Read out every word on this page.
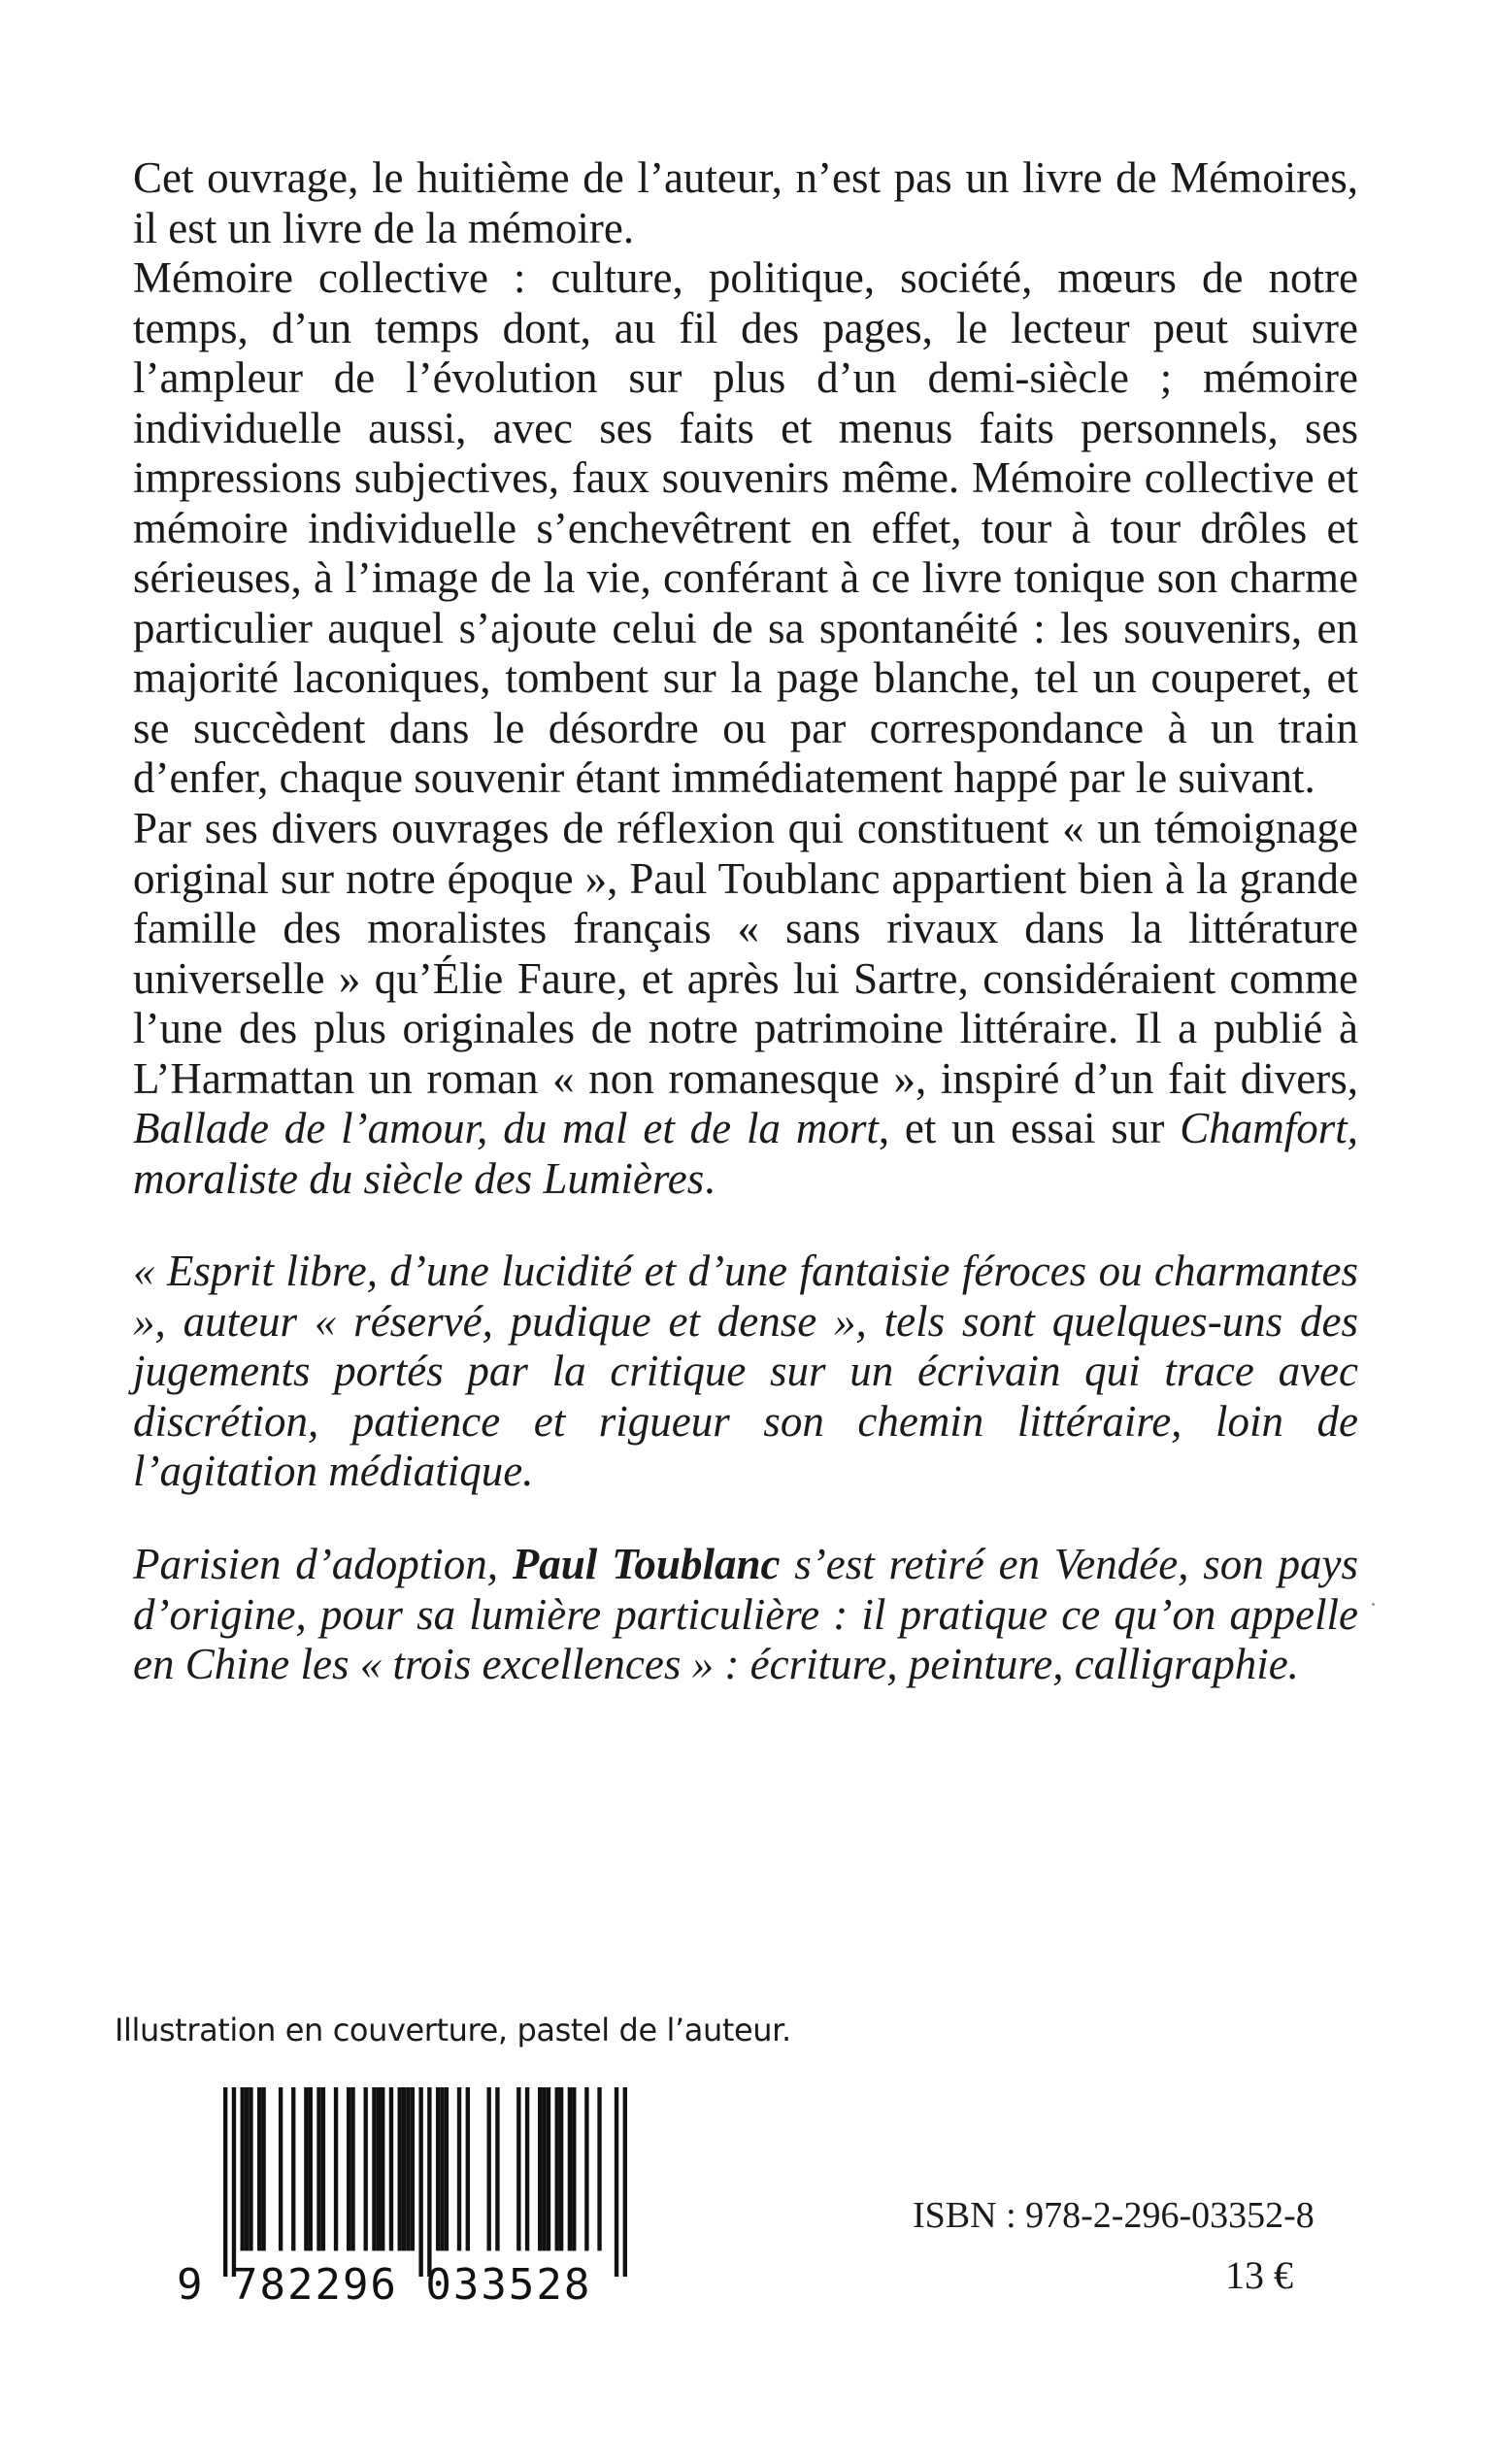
Cet ouvrage, le huitième de l’auteur, n’est pas un livre de Mémoires, il est un livre de la mémoire.
Mémoire collective : culture, politique, société, mœurs de notre temps, d’un temps dont, au fil des pages, le lecteur peut suivre l’ampleur de l’évolution sur plus d’un demi-siècle ; mémoire individuelle aussi, avec ses faits et menus faits personnels, ses impressions subjectives, faux souvenirs même. Mémoire collective et mémoire individuelle s’enchevêtrent en effet, tour à tour drôles et sérieuses, à l’image de la vie, conférant à ce livre tonique son charme particulier auquel s’ajoute celui de sa spontanéité : les souvenirs, en majorité laconiques, tombent sur la page blanche, tel un couperet, et se succèdent dans le désordre ou par correspondance à un train d’enfer, chaque souvenir étant immédiatement happé par le suivant.

Par ses divers ouvrages de réflexion qui constituent « un témoignage original sur notre époque », Paul Toublanc appartient bien à la grande famille des moralistes français « sans rivaux dans la littérature universelle » qu’Élie Faure, et après lui Sartre, considéraient comme l’une des plus originales de notre patrimoine littéraire. Il a publié à L’Harmattan un roman « non romanesque », inspiré d’un fait divers, Ballade de l’amour, du mal et de la mort, et un essai sur Chamfort, moraliste du siècle des Lumières.

« Esprit libre, d’une lucidité et d’une fantaisie féroces ou charmantes », auteur « réservé, pudique et dense », tels sont quelques-uns des jugements portés par la critique sur un écrivain qui trace avec discrétion, patience et rigueur son chemin littéraire, loin de l’agitation médiatique.

Parisien d’adoption, Paul Toublanc s’est retiré en Vendée, son pays d’origine, pour sa lumière particulière : il pratique ce qu’on appelle en Chine les « trois excellences » : écriture, peinture, calligraphie.

Illustration en couverture, pastel de l’auteur.
9 782296 033528
ISBN : 978-2-296-03352-8
13 €
